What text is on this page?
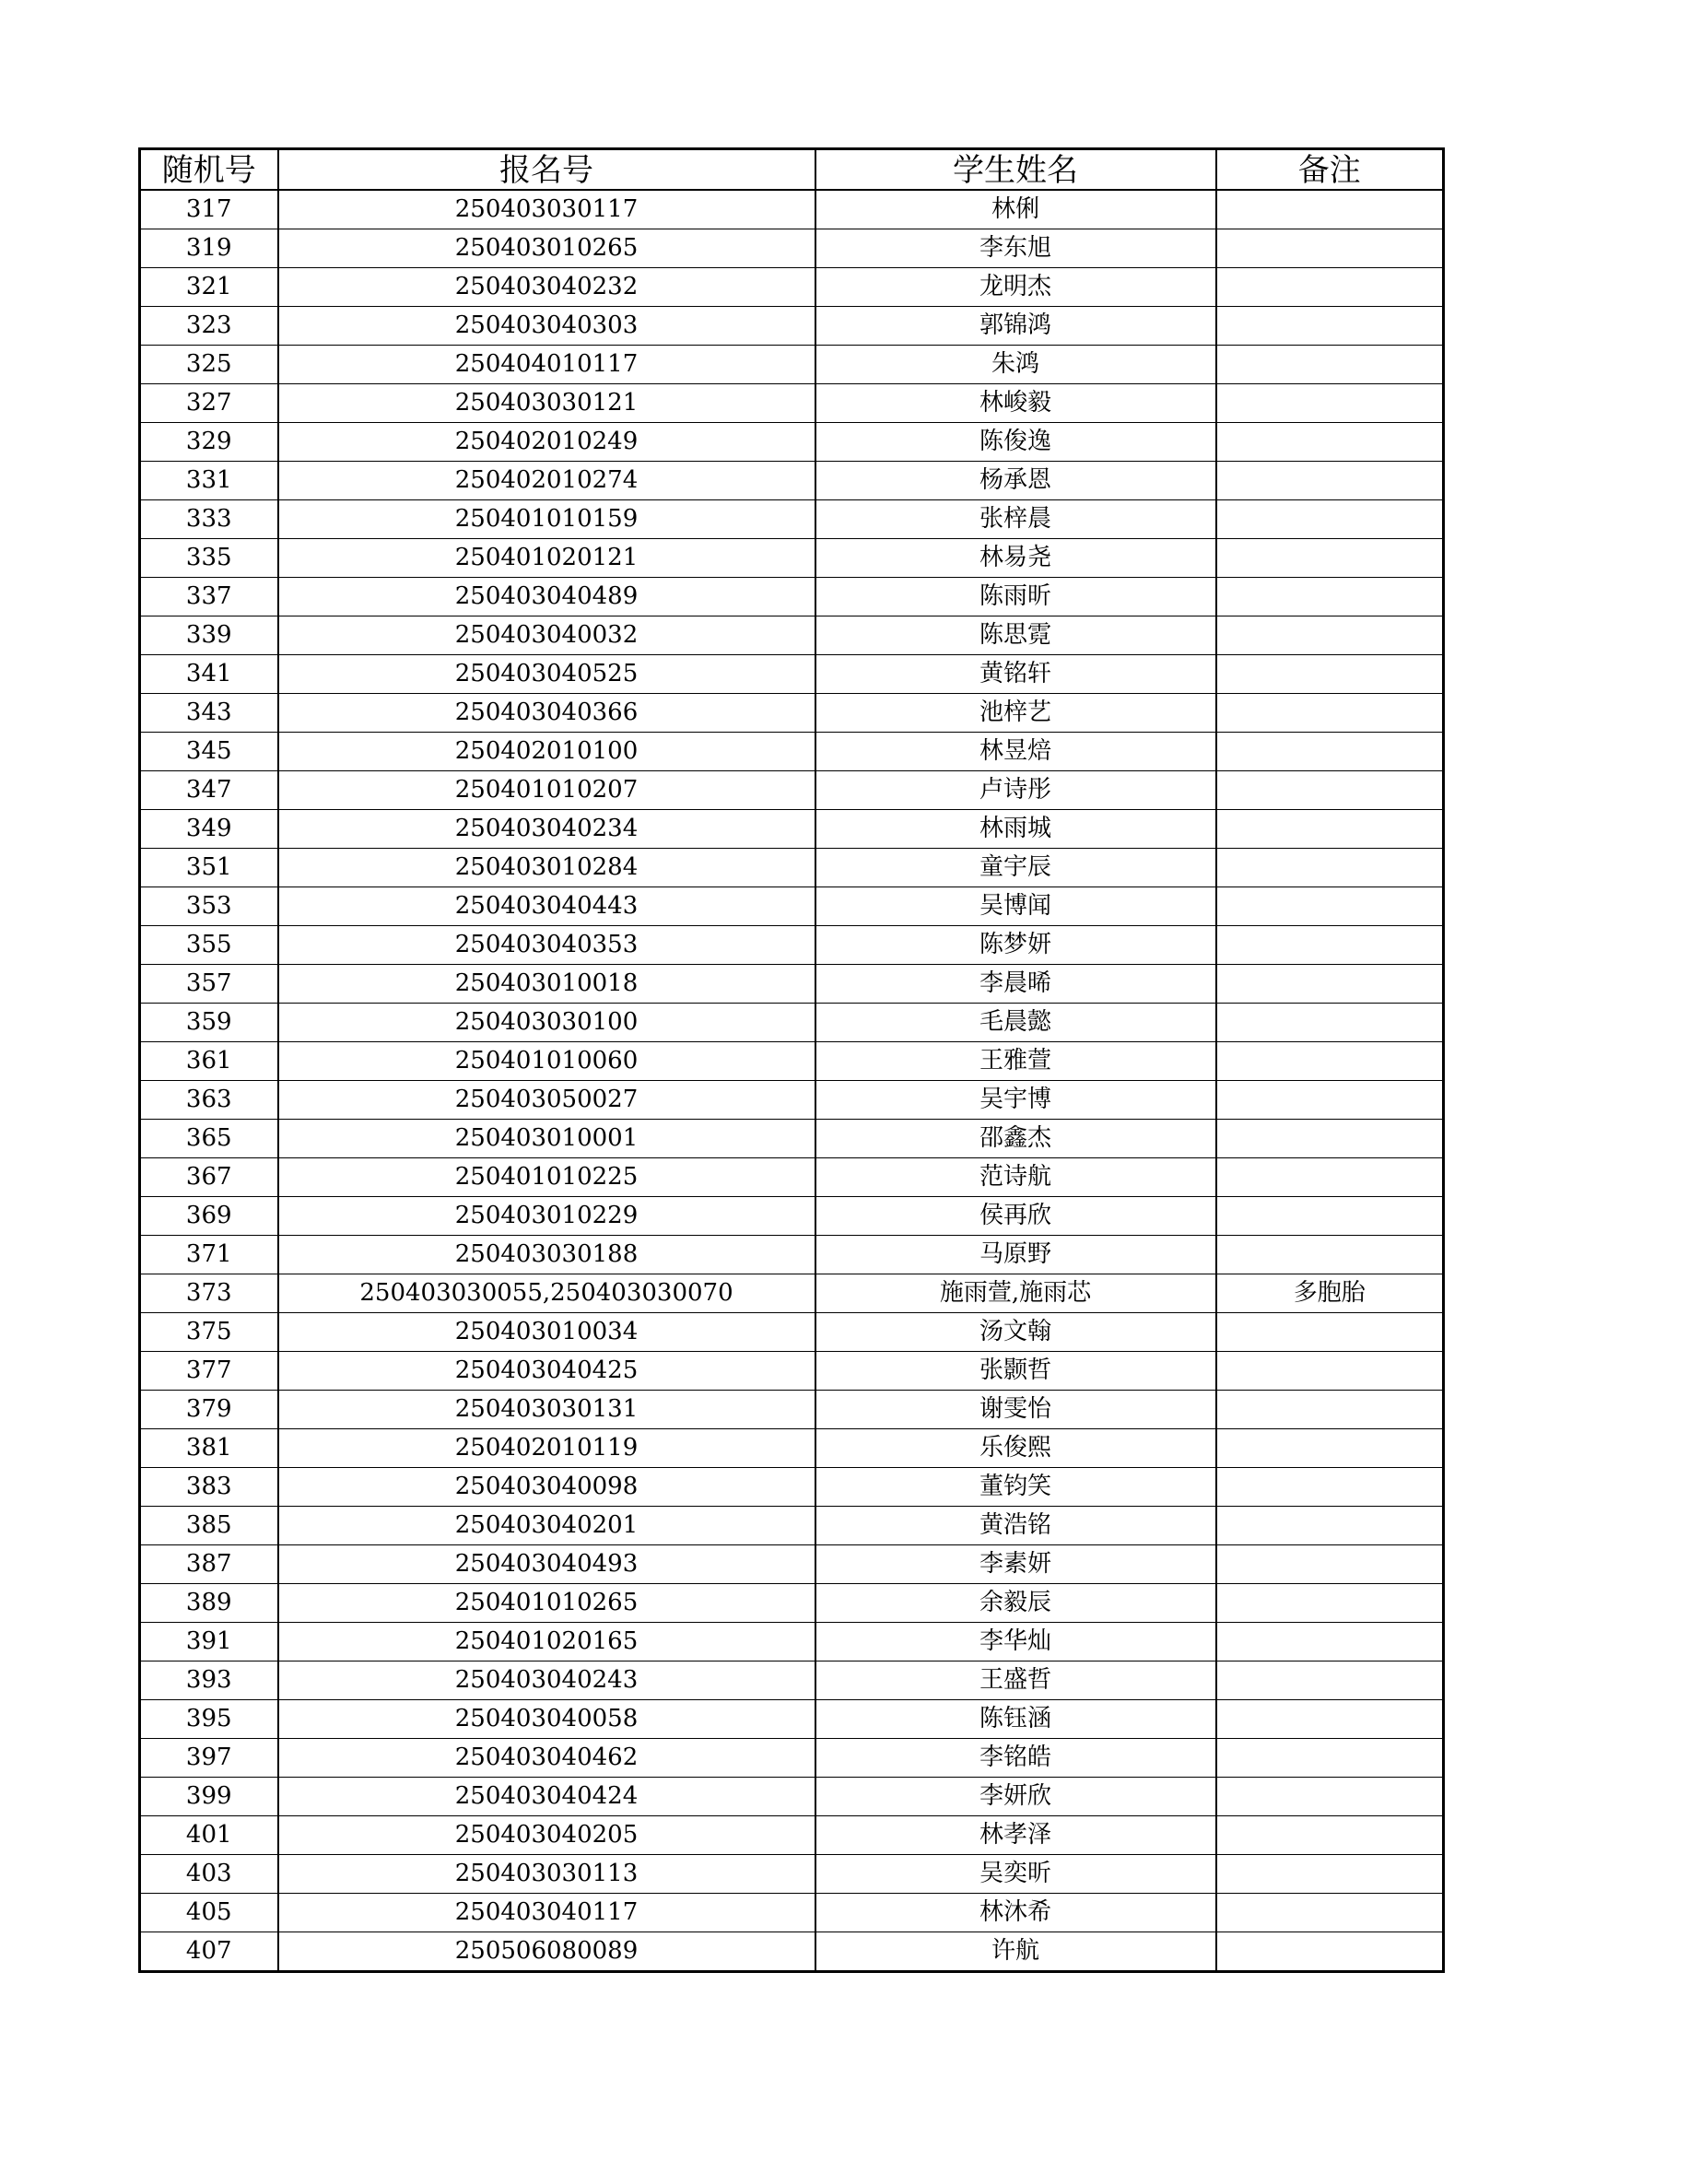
随机号	报名号	学生姓名	备注
317	250403030117	林俐	
319	250403010265	李东旭	
321	250403040232	龙明杰	
323	250403040303	郭锦鸿	
325	250404010117	朱鸿	
327	250403030121	林峻毅	
329	250402010249	陈俊逸	
331	250402010274	杨承恩	
333	250401010159	张梓晨	
335	250401020121	林易尧	
337	250403040489	陈雨昕	
339	250403040032	陈思霓	
341	250403040525	黄铭轩	
343	250403040366	池梓艺	
345	250402010100	林昱焙	
347	250401010207	卢诗彤	
349	250403040234	林雨城	
351	250403010284	童宇辰	
353	250403040443	吴博闻	
355	250403040353	陈梦妍	
357	250403010018	李晨晞	
359	250403030100	毛晨懿	
361	250401010060	王雅萱	
363	250403050027	吴宇博	
365	250403010001	邵鑫杰	
367	250401010225	范诗航	
369	250403010229	侯再欣	
371	250403030188	马原野	
373	250403030055,250403030070	施雨萱,施雨芯	多胞胎
375	250403010034	汤文翰	
377	250403040425	张颢哲	
379	250403030131	谢雯怡	
381	250402010119	乐俊熙	
383	250403040098	董钧笑	
385	250403040201	黄浩铭	
387	250403040493	李素妍	
389	250401010265	余毅辰	
391	250401020165	李华灿	
393	250403040243	王盛哲	
395	250403040058	陈钰涵	
397	250403040462	李铭皓	
399	250403040424	李妍欣	
401	250403040205	林孝泽	
403	250403030113	吴奕昕	
405	250403040117	林沐希	
407	250506080089	许航	
